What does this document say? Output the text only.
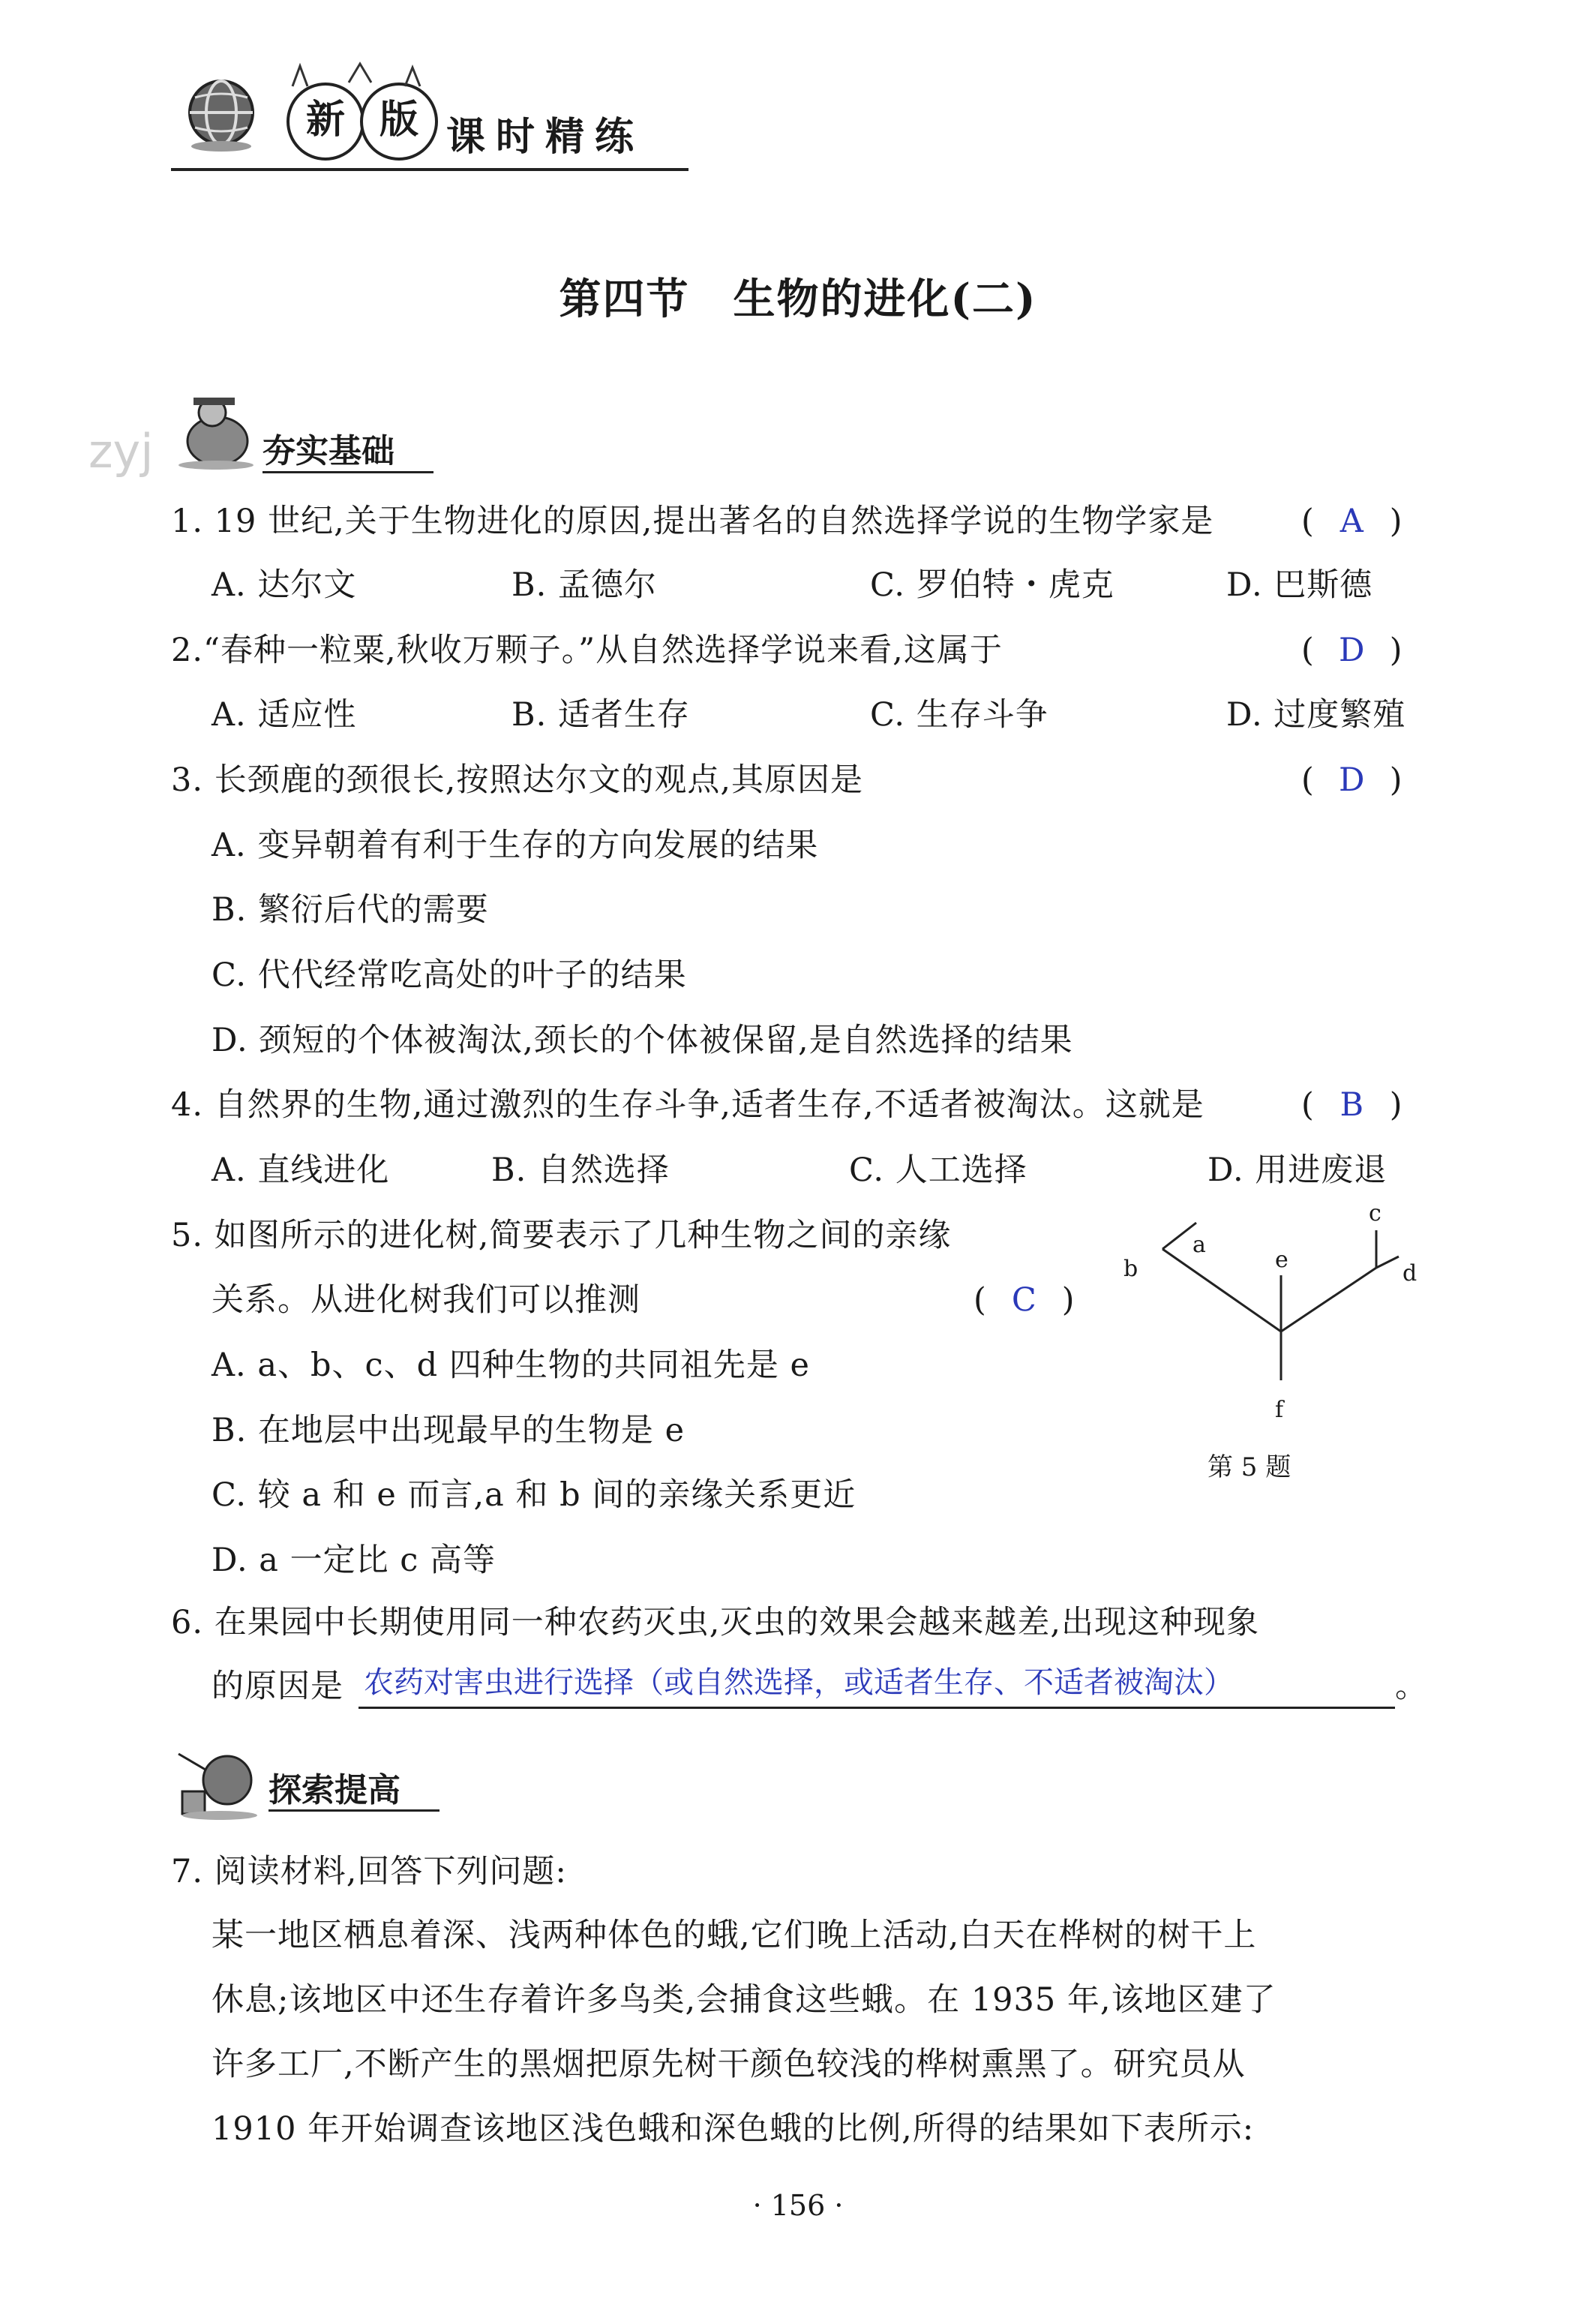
新 版 课时精练
第四节　生物的进化(二)
zyj	夯实基础
1. 19 世纪,关于生物进化的原因,提出著名的自然选择学说的生物学家是	( A )
A. 达尔文	B. 孟德尔	C. 罗伯特・虎克	D. 巴斯德
2.“春种一粒粟,秋收万颗子。”从自然选择学说来看,这属于	( D )
A. 适应性	B. 适者生存	C. 生存斗争	D. 过度繁殖
3. 长颈鹿的颈很长,按照达尔文的观点,其原因是	( D )
A. 变异朝着有利于生存的方向发展的结果
B. 繁衍后代的需要
C. 代代经常吃高处的叶子的结果
D. 颈短的个体被淘汰,颈长的个体被保留,是自然选择的结果
4. 自然界的生物,通过激烈的生存斗争,适者生存,不适者被淘汰。这就是	( B )
A. 直线进化	B. 自然选择	C. 人工选择	D. 用进废退
5. 如图所示的进化树,简要表示了几种生物之间的亲缘
关系。从进化树我们可以推测	( C )
A. a、b、c、d 四种生物的共同祖先是 e
B. 在地层中出现最早的生物是 e
C. 较 a 和 e 而言,a 和 b 间的亲缘关系更近
D. a 一定比 c 高等
a
b
c
d
e
f
第 5 题
6. 在果园中长期使用同一种农药灭虫,灭虫的效果会越来越差,出现这种现象
的原因是 农药对害虫进行选择（或自然选择，或适者生存、不适者被淘汰）	。
探索提高
7. 阅读材料,回答下列问题:
某一地区栖息着深、浅两种体色的蛾,它们晚上活动,白天在桦树的树干上
休息;该地区中还生存着许多鸟类,会捕食这些蛾。在 1935 年,该地区建了
许多工厂,不断产生的黑烟把原先树干颜色较浅的桦树熏黑了。研究员从
1910 年开始调查该地区浅色蛾和深色蛾的比例,所得的结果如下表所示:
· 156 ·
